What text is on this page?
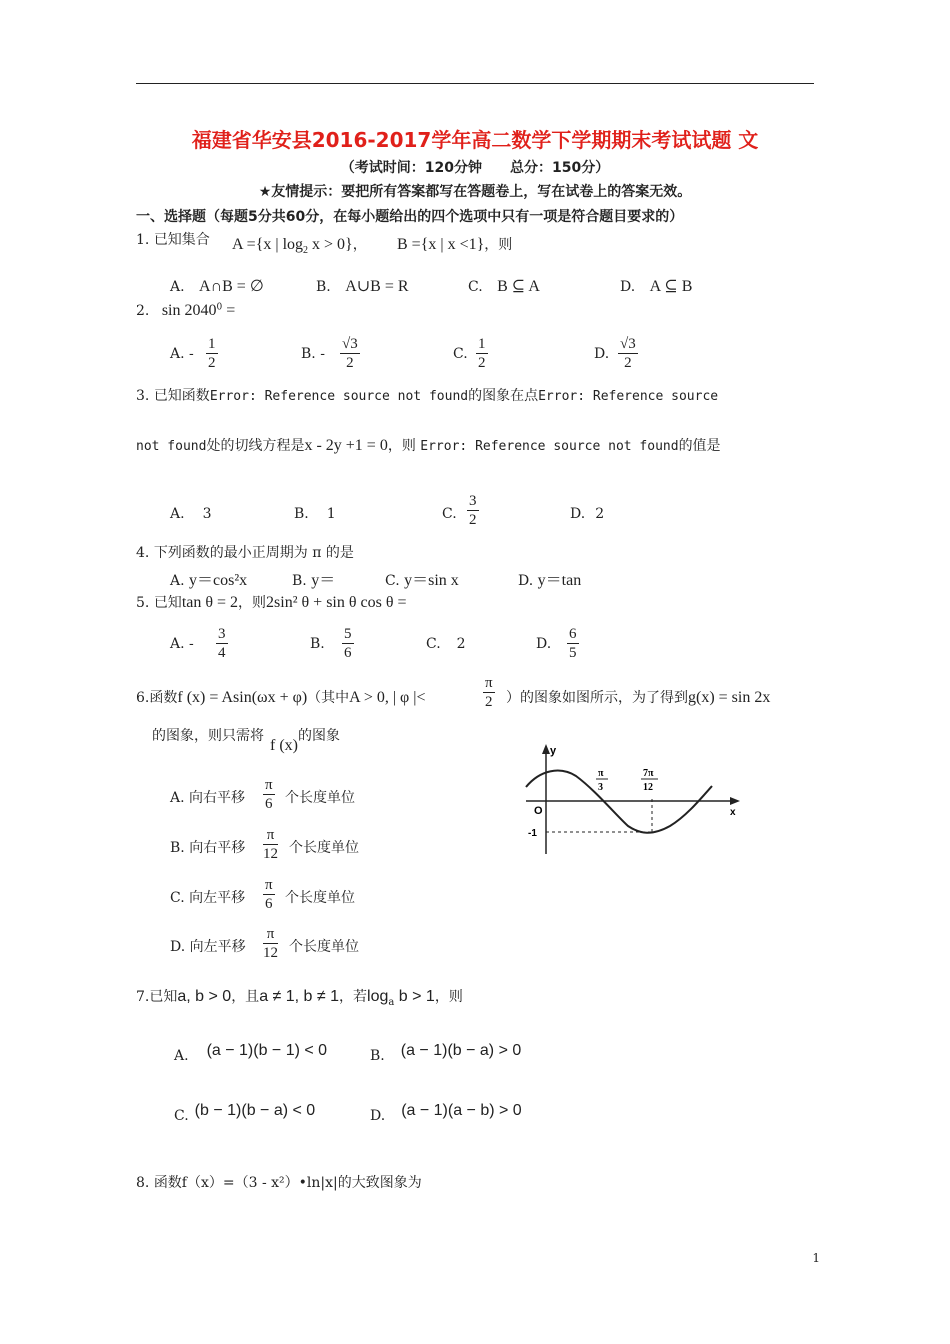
福建省华安县2016-2017学年高二数学下学期期末考试试题 文
（考试时间：120分钟　　总分：150分）
★友情提示：要把所有答案都写在答题卷上，写在试卷上的答案无效。
一、选择题（每题5分共60分，在每小题给出的四个选项中只有一项是符合题目要求的）
1. 已知集合 A ={x | $\log_2 x > 0$}， B ={x | x <1}，则
A. A∩B = ∅	B. A∪B = R	C. B ⊆ A	D. A ⊆ B
2. $\sin 2040^0$ =
A. - $\frac{1}{2}$	B. - $\frac{√3}{2}$	C. $\frac{1}{2}$	D. $\frac{√3}{2}$
3. 已知函数Error: Reference source not found的图象在点Error: Reference source
not found处的切线方程是x - 2y +1 = 0，则 Error: Reference source not found的值是
A. 3	B. 1	C. $\frac{3}{2}$	D. 2
4. 下列函数的最小正周期为 π 的是
A. y＝cos²x	B. y＝	C. y＝sin x	D. y＝tan
5. 已知tan θ = 2，则2sin² θ + sin θ cos θ =
A. - $\frac{3}{4}$	B. $\frac{5}{6}$	C. 2	D. $\frac{6}{5}$
6.函数f (x) = Asin(ωx + φ)（其中A > 0, | φ |<	$\frac{\pi}{2}$ ）的图象如图所示，为了得到g(x) = sin 2x
的图象，则只需将f (x)的图象
A. 向右平移 $\frac{\pi}{6}$ 个长度单位
B. 向右平移 $\frac{\pi}{12}$ 个长度单位
C. 向左平移 $\frac{\pi}{6}$ 个长度单位
D. 向左平移 $\frac{\pi}{12}$ 个长度单位
y
x
O
-1
π
3
7π
12
7.已知a, b > 0，且a ≠ 1, b ≠ 1，若$\log_a b > 1$，则
A. (a − 1)(b − 1) < 0	B. (a − 1)(b − a) > 0
C. (b − 1)(b − a) < 0	D. (a − 1)(a − b) > 0
8. 函数f（x）=（3 - x²）•ln|x|的大致图象为
1
